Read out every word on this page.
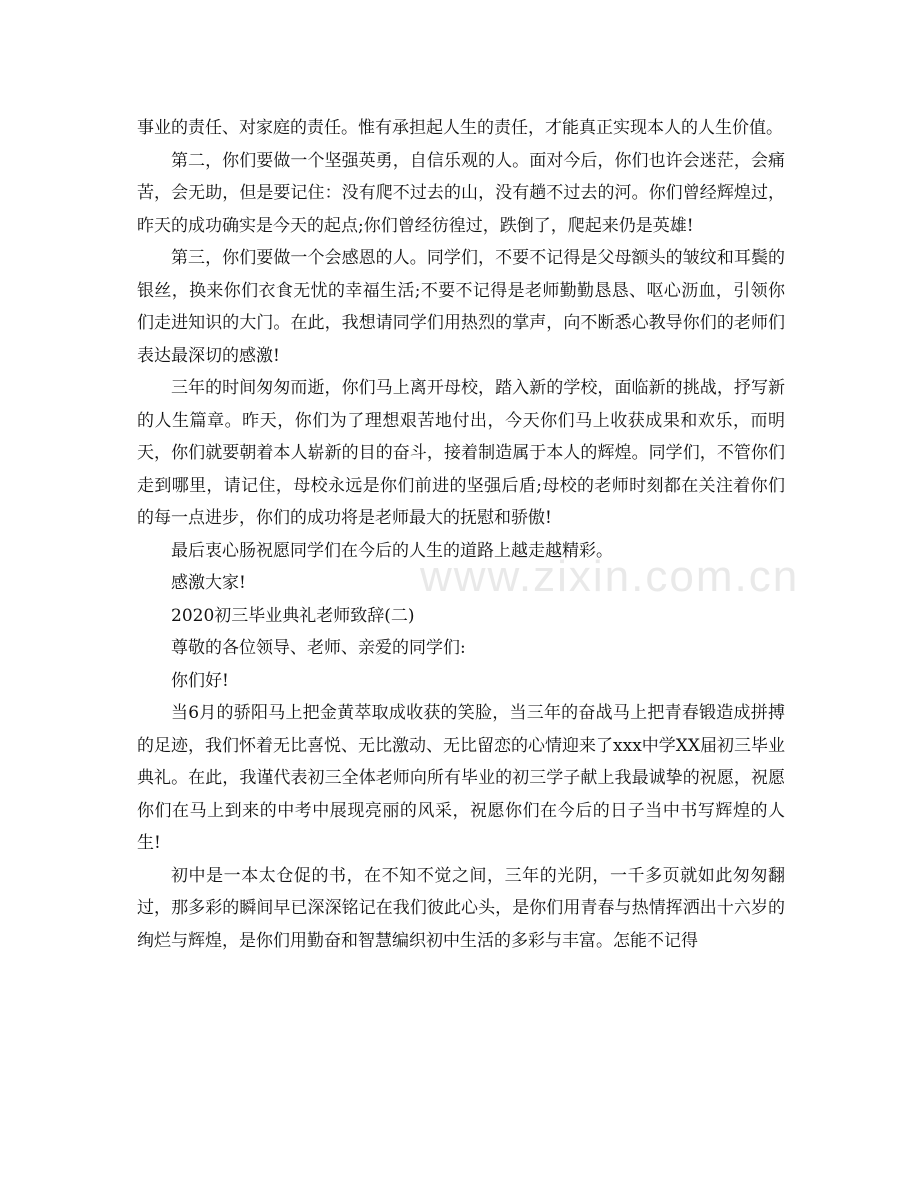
www.zixin.com.cn

事业的责任、对家庭的责任。惟有承担起人生的责任，才能真正实现本人的人生价值。

第二，你们要做一个坚强英勇，自信乐观的人。面对今后，你们也许会迷茫，会痛苦，会无助，但是要记住：没有爬不过去的山，没有趟不过去的河。你们曾经辉煌过，昨天的成功确实是今天的起点;你们曾经彷徨过，跌倒了，爬起来仍是英雄!

第三，你们要做一个会感恩的人。同学们，不要不记得是父母额头的皱纹和耳鬓的银丝，换来你们衣食无忧的幸福生活;不要不记得是老师勤勤恳恳、呕心沥血，引领你们走进知识的大门。在此，我想请同学们用热烈的掌声，向不断悉心教导你们的老师们表达最深切的感激!

三年的时间匆匆而逝，你们马上离开母校，踏入新的学校，面临新的挑战，抒写新的人生篇章。昨天，你们为了理想艰苦地付出，今天你们马上收获成果和欢乐，而明天，你们就要朝着本人崭新的目的奋斗，接着制造属于本人的辉煌。同学们，不管你们走到哪里，请记住，母校永远是你们前进的坚强后盾;母校的老师时刻都在关注着你们的每一点进步，你们的成功将是老师最大的抚慰和骄傲!

最后衷心肠祝愿同学们在今后的人生的道路上越走越精彩。

感激大家!

2020初三毕业典礼老师致辞(二)

尊敬的各位领导、老师、亲爱的同学们:

你们好!

当6月的骄阳马上把金黄萃取成收获的笑脸，当三年的奋战马上把青春锻造成拼搏的足迹，我们怀着无比喜悦、无比激动、无比留恋的心情迎来了xxx中学XX届初三毕业典礼。在此，我谨代表初三全体老师向所有毕业的初三学子献上我最诚挚的祝愿，祝愿你们在马上到来的中考中展现亮丽的风采，祝愿你们在今后的日子当中书写辉煌的人生!

初中是一本太仓促的书，在不知不觉之间，三年的光阴，一千多页就如此匆匆翻过，那多彩的瞬间早已深深铭记在我们彼此心头，是你们用青春与热情挥洒出十六岁的绚烂与辉煌，是你们用勤奋和智慧编织初中生活的多彩与丰富。怎能不记得
